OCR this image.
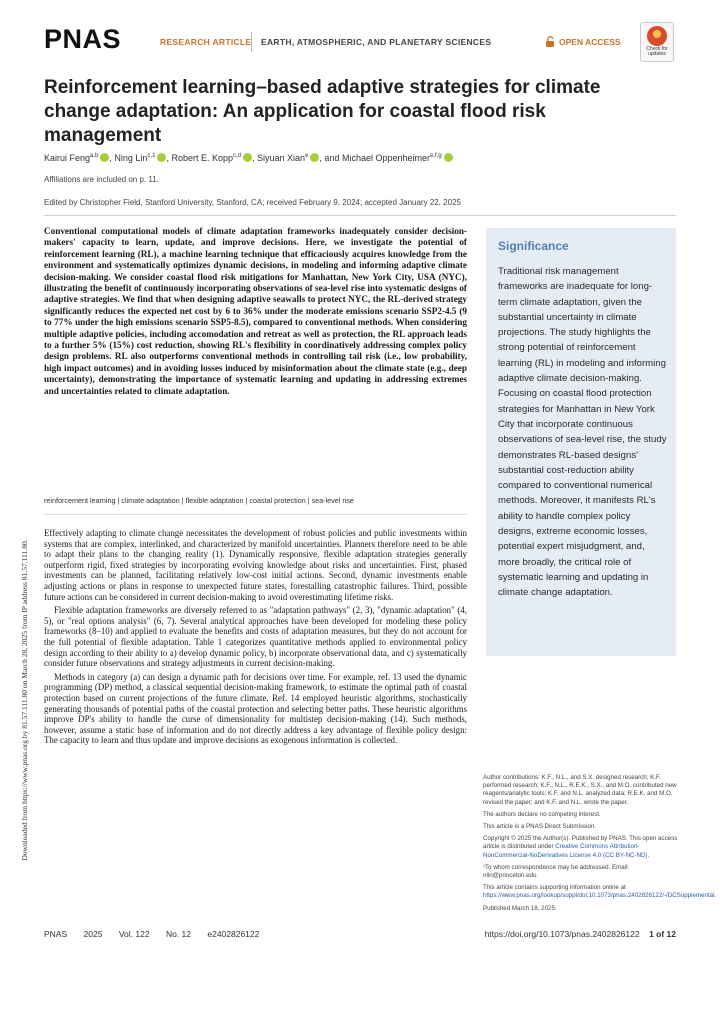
PNAS	RESEARCH ARTICLE EARTH, ATMOSPHERIC, AND PLANETARY SCIENCES	OPEN ACCESS
Check for
updates
Reinforcement learning–based adaptive strategies for climate change adaptation: An application for coastal flood risk management
Kairui Feng$^{a,b}$ , Ning Lin$^{c,1}$ , Robert E. Kopp$^{c,d}$ , Siyuan Xian$^e$ , and Michael Oppenheimer$^{e,f,g}$
Affiliations are included on p. 11.
Edited by Christopher Field, Stanford University, Stanford, CA; received February 9, 2024; accepted January 22, 2025

Conventional computational models of climate adaptation frameworks inadequately consider decision-makers' capacity to learn, update, and improve decisions. Here, we investigate the potential of reinforcement learning (RL), a machine learning technique that efficaciously acquires knowledge from the environment and systematically optimizes dynamic decisions, in modeling and informing adaptive climate decision-making. We consider coastal flood risk mitigations for Manhattan, New York City, USA (NYC), illustrating the benefit of continuously incorporating observations of sea-level rise into systematic designs of adaptive strategies. We find that when designing adaptive seawalls to protect NYC, the RL-derived strategy significantly reduces the expected net cost by 6 to 36% under the moderate emissions scenario SSP2-4.5 (9 to 77% under the high emissions scenario SSP5-8.5), compared to conventional methods. When considering multiple adaptive policies, including accomodation and retreat as well as protection, the RL approach leads to a further 5% (15%) cost reduction, showing RL's flexibility in coordinatively addressing complex policy design problems. RL also outperforms conventional methods in controlling tail risk (i.e., low probability, high impact outcomes) and in avoiding losses induced by misinformation about the climate state (e.g., deep uncertainty), demonstrating the importance of systematic learning and updating in addressing extremes and uncertainties related to climate adaptation.

reinforcement learning | climate adaptation | flexible adaptation | coastal protection | sea-level rise

Effectively adapting to climate change necessitates the development of robust policies and public investments within systems that are complex, interlinked, and characterized by manifold uncertainties. Planners therefore need to be able to adapt their plans to the changing reality (1). Dynamically responsive, flexible adaptation strategies generally outperform rigid, fixed strategies by incorporating evolving knowledge about risks and uncertainties. First, phased investments can be planned, facilitating relatively low-cost initial actions. Second, dynamic investments enable adjusting actions or plans in response to unexpected future states, forestalling catastrophic failures. Third, possible future actions can be considered in current decision-making to avoid overestimating lifetime risks.

Flexible adaptation frameworks are diversely referred to as "adaptation pathways" (2, 3), "dynamic adaptation" (4, 5), or "real options analysis" (6, 7). Several analytical approaches have been developed for modeling these policy frameworks (8–10) and applied to evaluate the benefits and costs of adaptation measures, but they do not account for the full potential of flexible adaptation. Table 1 categorizes quantitative methods applied to environmental policy design according to their ability to a) develop dynamic policy, b) incorporate observational data, and c) systematically consider future observations and strategy adjustments in current decision-making.

Methods in category (a) can design a dynamic path for decisions over time. For example, ref. 13 used the dynamic programming (DP) method, a classical sequential decision-making framework, to estimate the optimal path of coastal protection based on current projections of the future climate. Ref. 14 employed heuristic algorithms, stochastically generating thousands of potential paths of the coastal protection and selecting better paths. These heuristic algorithms improve DP's ability to handle the curse of dimensionality for multistep decision-making (14). Such methods, however, assume a static base of information and do not directly address a key advantage of flexible policy design: The capacity to learn and thus update and improve decisions as exogenous information is collected.

Significance
Traditional risk management frameworks are inadequate for long-term climate adaptation, given the substantial uncertainty in climate projections. The study highlights the strong potential of reinforcement learning (RL) in modeling and informing adaptive climate decision-making. Focusing on coastal flood protection strategies for Manhattan in New York City that incorporate continuous observations of sea-level rise, the study demonstrates RL-based designs' substantial cost-reduction ability compared to conventional numerical methods. Moreover, it manifests RL's ability to handle complex policy designs, extreme economic losses, potential expert misjudgment, and, more broadly, the critical role of systematic learning and updating in climate change adaptation.

Author contributions: K.F., N.L., and S.X. designed research; K.F. performed research; K.F., N.L., R.E.K., S.X., and M.O. contributed new reagents/analytic tools; K.F. and N.L. analyzed data; R.E.K. and M.O. revised the paper; and K.F. and N.L. wrote the paper.

The authors declare no competing interest.

This article is a PNAS Direct Submission.

Copyright © 2025 the Author(s). Published by PNAS. This open access article is distributed under Creative Commons Attribution-NonCommercial-NoDerivatives License 4.0 (CC BY-NC-ND).

¹To whom correspondence may be addressed. Email: nlin@princeton.edu.

This article contains supporting information online at https://www.pnas.org/lookup/suppl/doi:10.1073/pnas.2402826122/-/DCSupplemental.

Published March 18, 2025.

Downloaded from https://www.pnas.org by 81.57.111.80 on March 28, 2025 from IP address 81.57.111.80.
PNAS 2025 Vol. 122 No. 12 e2402826122	https://doi.org/10.1073/pnas.2402826122 1 of 12
